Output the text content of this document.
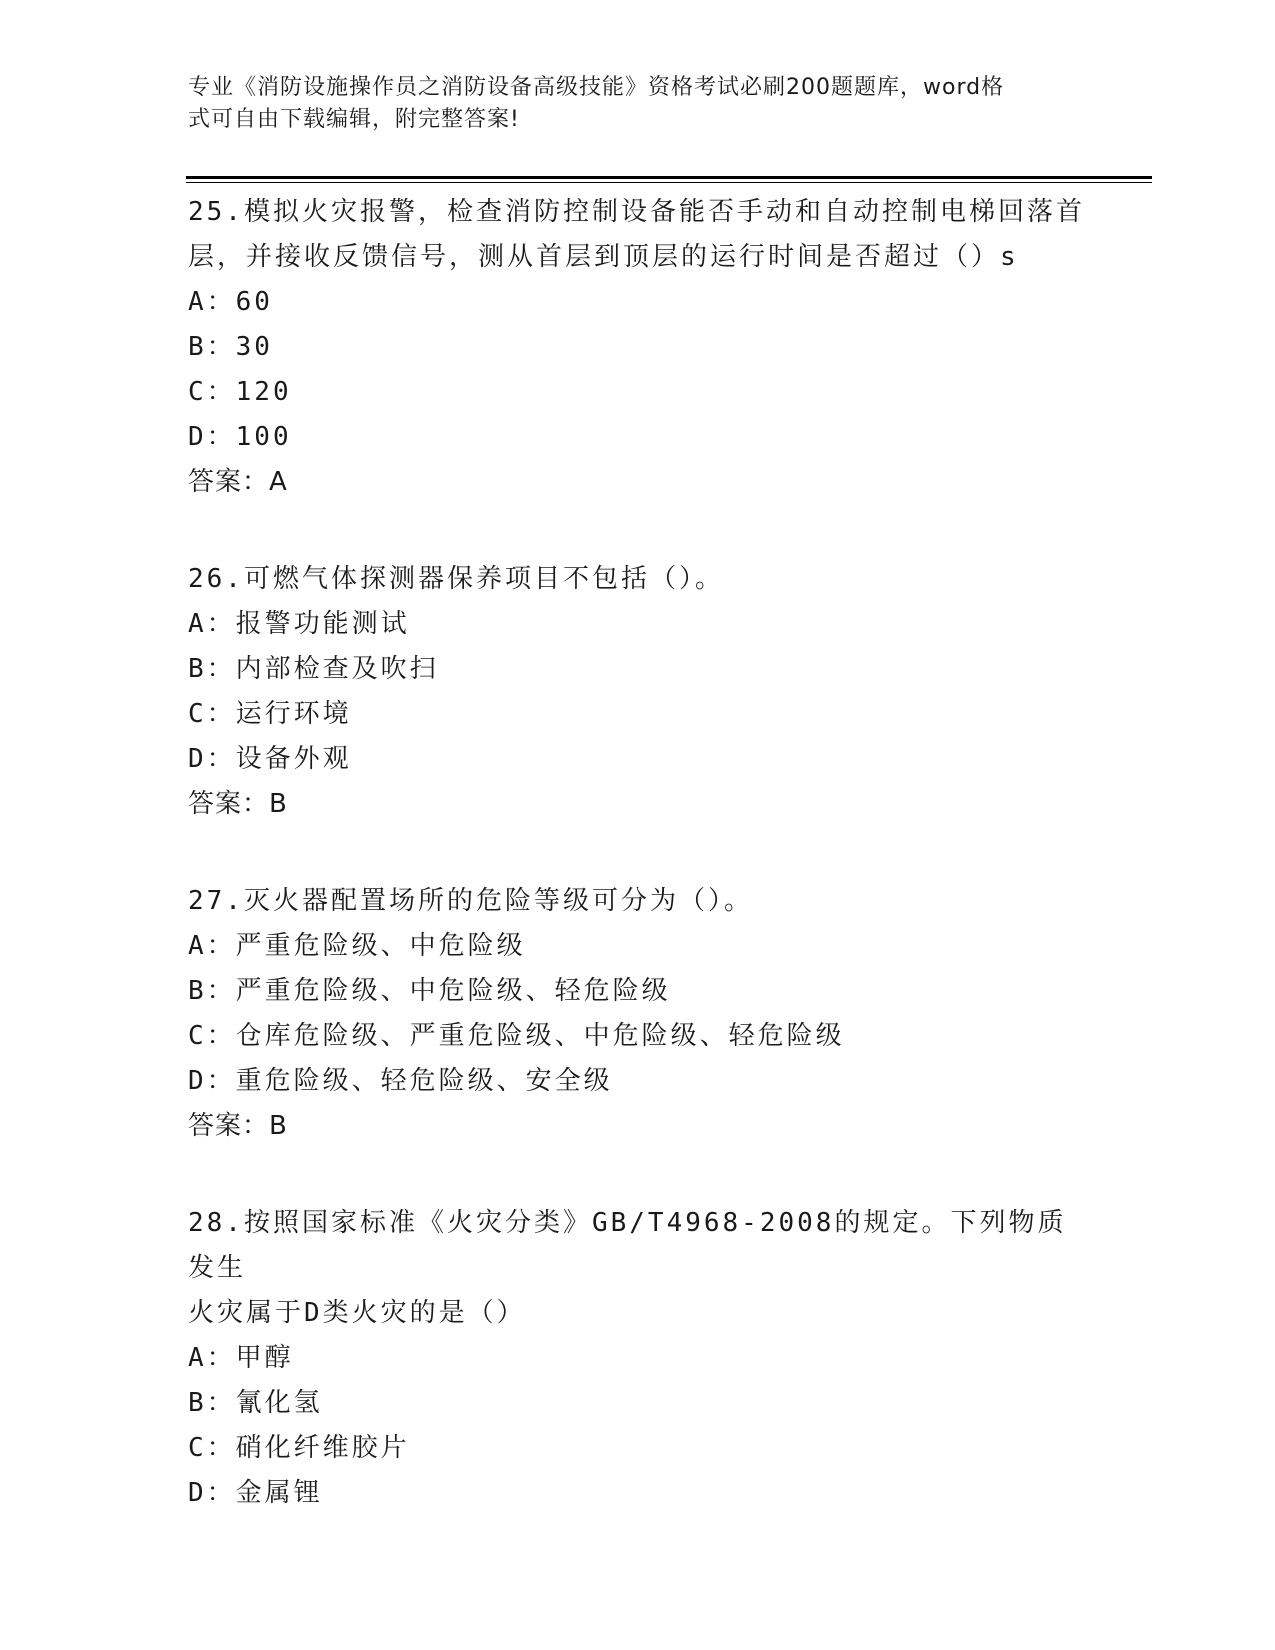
专业《消防设施操作员之消防设备高级技能》资格考试必刷200题题库，word格
式可自由下载编辑，附完整答案!

25.模拟火灾报警，检查消防控制设备能否手动和自动控制电梯回落首

层，并接收反馈信号，测从首层到顶层的运行时间是否超过（）s

A：60

B：30

C：120

D：100

答案：A

26.可燃气体探测器保养项目不包括（）。

A：报警功能测试

B：内部检查及吹扫

C：运行环境

D：设备外观

答案：B

27.灭火器配置场所的危险等级可分为（）。

A：严重危险级、中危险级

B：严重危险级、中危险级、轻危险级

C：仓库危险级、严重危险级、中危险级、轻危险级

D：重危险级、轻危险级、安全级

答案：B

28.按照国家标准《火灾分类》GB/T4968-2008的规定。下列物质发生

火灾属于D类火灾的是（）

A：甲醇

B：氰化氢

C：硝化纤维胶片

D：金属锂
